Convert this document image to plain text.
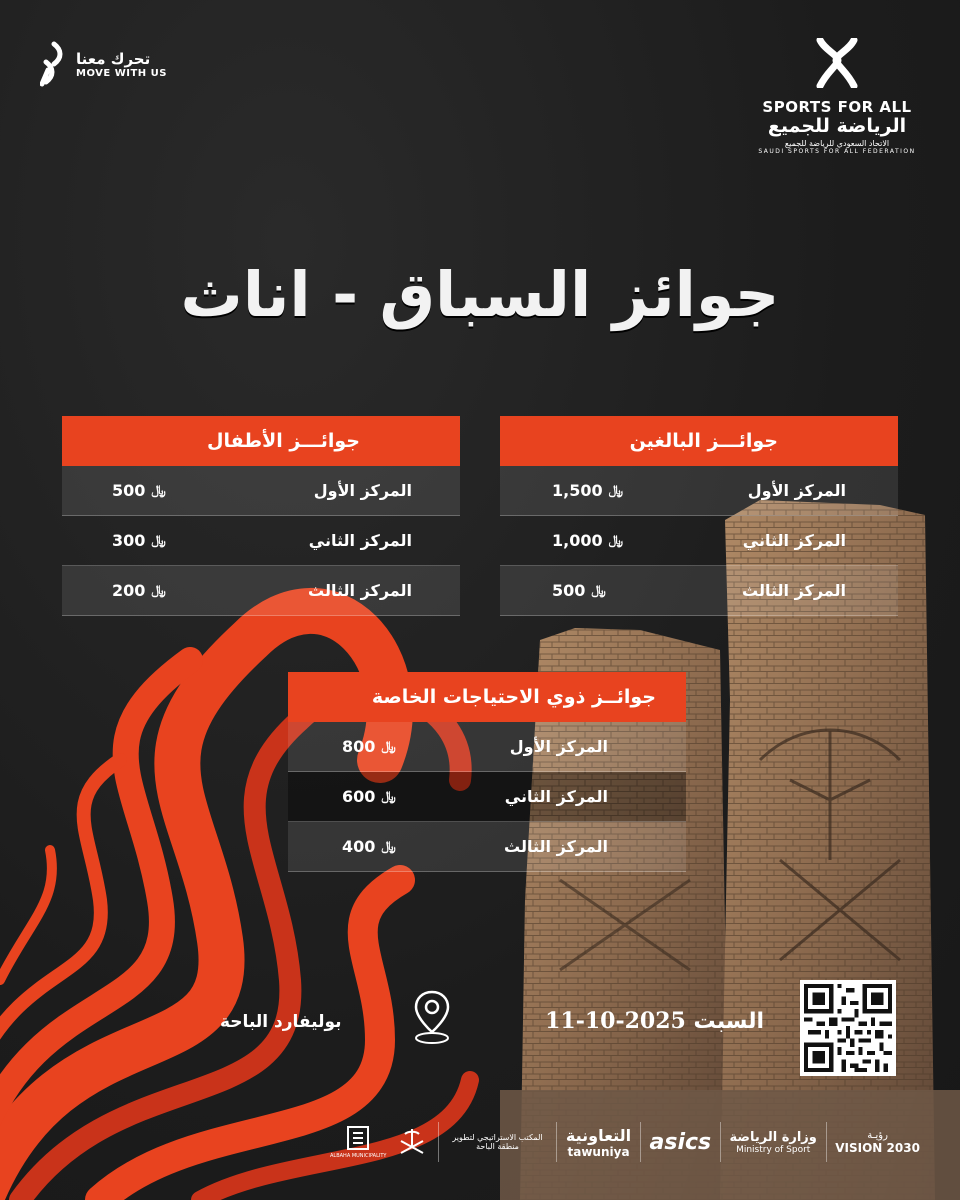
تحرك معنا
MOVE WITH US
SPORTS FOR ALL
الرياضة للجميع
الاتحاد السعودي للرياضة للجميع
SAUDI SPORTS FOR ALL FEDERATION
جوائز السباق - اناث
جوائـــز البالغين
المركز الأول
1,500 ﷼
المركز الثاني
1,000 ﷼
المركز الثالث
500 ﷼
جوائـــز الأطفال
المركز الأول
500 ﷼
المركز الثاني
300 ﷼
المركز الثالث
200 ﷼
جوائــز ذوي الاحتياجات الخاصة
المركز الأول
800 ﷼
المركز الثاني
600 ﷼
المركز الثالث
400 ﷼
السبت 2025-10-11
بوليفارد الباحة
ALBAHA MUNICIPALITY
المكتب الاستراتيجي لتطوير منطقة الباحة
التعاونية
tawuniya asics وزارة الرياضة
Ministry of Sport
رؤيـة
VISION 2030
